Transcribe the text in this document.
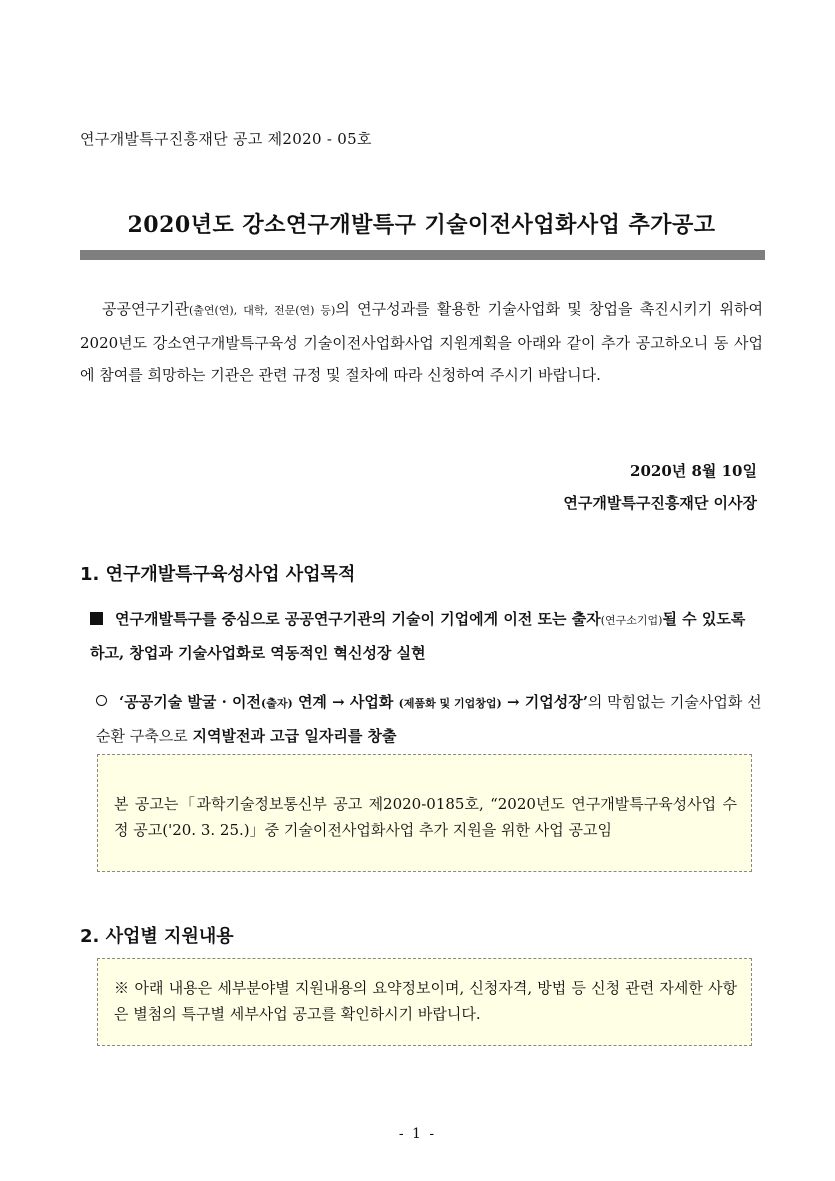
연구개발특구진흥재단 공고 제2020 - 05호
2020년도 강소연구개발특구 기술이전사업화사업 추가공고
공공연구기관(출연(연), 대학, 전문(연) 등)의 연구성과를 활용한 기술사업화 및 창업을 촉진시키기 위하여 2020년도 강소연구개발특구육성 기술이전사업화사업 지원계획을 아래와 같이 추가 공고하오니 동 사업에 참여를 희망하는 기관은 관련 규정 및 절차에 따라 신청하여 주시기 바랍니다.
2020년 8월 10일
연구개발특구진흥재단 이사장
1. 연구개발특구육성사업 사업목적
연구개발특구를 중심으로 공공연구기관의 기술이 기업에게 이전 또는 출자(연구소기업)될 수 있도록 하고, 창업과 기술사업화로 역동적인 혁신성장 실현
‘공공기술 발굴 · 이전(출자) 연계 → 사업화 (제품화 및 기업창업) → 기업성장’의 막힘없는 기술사업화 선순환 구축으로 지역발전과 고급 일자리를 창출
본 공고는「과학기술정보통신부 공고 제2020-0185호, “2020년도 연구개발특구육성사업 수정 공고('20. 3. 25.)」중 기술이전사업화사업 추가 지원을 위한 사업 공고임
2. 사업별 지원내용
※ 아래 내용은 세부분야별 지원내용의 요약정보이며, 신청자격, 방법 등 신청 관련 자세한 사항은 별첨의 특구별 세부사업 공고를 확인하시기 바랍니다.
- 1 -
